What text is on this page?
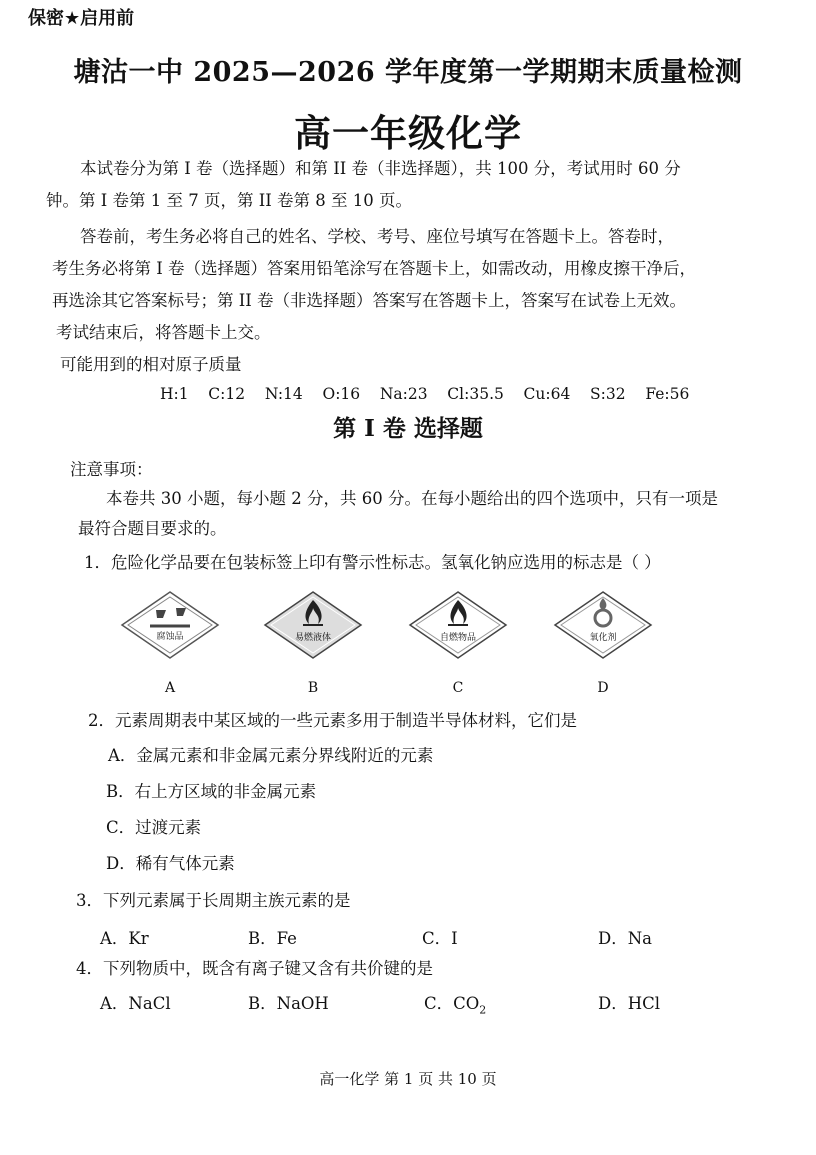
保密★启用前
塘沽一中 2025—2026 学年度第一学期期末质量检测
高一年级化学
本试卷分为第 I 卷（选择题）和第 II 卷（非选择题），共 100 分，考试用时 60 分
钟。第 I 卷第 1 至 7 页，第 II 卷第 8 至 10 页。
答卷前，考生务必将自己的姓名、学校、考号、座位号填写在答题卡上。答卷时，
考生务必将第 I 卷（选择题）答案用铅笔涂写在答题卡上，如需改动，用橡皮擦干净后，
再选涂其它答案标号；第 II 卷（非选择题）答案写在答题卡上，答案写在试卷上无效。
考试结束后，将答题卡上交。
可能用到的相对原子质量
H:1    C:12    N:14    O:16    Na:23    Cl:35.5    Cu:64    S:32    Fe:56
第 I 卷 选择题
注意事项：
本卷共 30 小题，每小题 2 分，共 60 分。在每小题给出的四个选项中，只有一项是
最符合题目要求的。
1．危险化学品要在包装标签上印有警示性标志。氢氧化钠应选用的标志是（ ）
腐蚀品
A
易燃液体
B
自燃物品
C
氧化剂
D
2．元素周期表中某区域的一些元素多用于制造半导体材料，它们是
A．金属元素和非金属元素分界线附近的元素
B．右上方区域的非金属元素
C．过渡元素
D．稀有气体元素
3．下列元素属于长周期主族元素的是
A．Kr	B．Fe	C．I	D．Na
4．下列物质中，既含有离子键又含有共价键的是
A．NaCl	B．NaOH	C．$CO_2$	D．HCl
高一化学 第 1 页 共 10 页
